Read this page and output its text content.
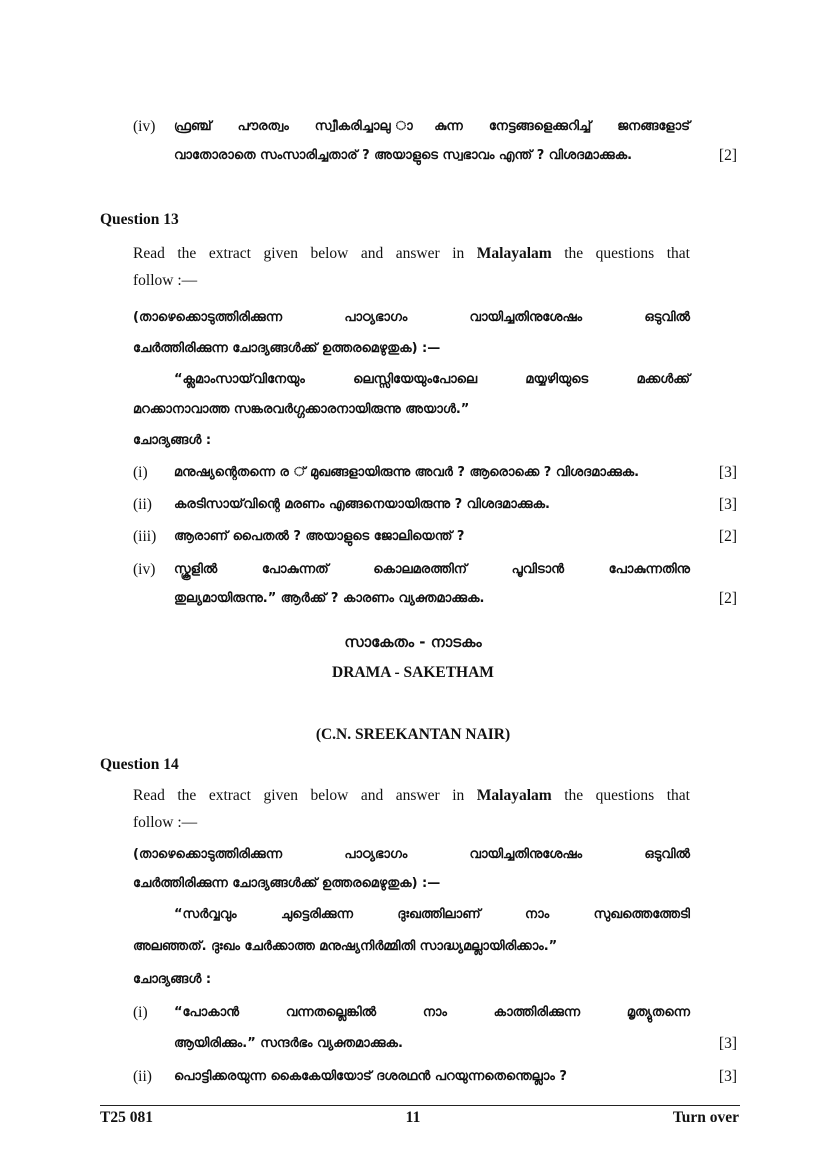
(iv) ഫ്രഞ്ച് പൗരത്വം സ്വീകരിച്ചാലു ാകുന്ന നേട്ടങ്ങളെക്കുറിച്ച് ജനങ്ങളോട്
വാതോരാതെ സംസാരിച്ചതാര് ? അയാളുടെ സ്വഭാവം എന്ത് ? വിശദമാക്കുക.	[2]
Question 13
Read the extract given below and answer in Malayalam the questions that
follow :—
(താഴെക്കൊടുത്തിരിക്കുന്ന പാഠ്യഭാഗം വായിച്ചതിനുശേഷം ഒടുവിൽ
ചേർത്തിരിക്കുന്ന ചോദ്യങ്ങൾക്ക് ഉത്തരമെഴുതുക) :—
“ക്ലമാംസായ്‌വിനേയും ലെസ്സിയേയുംപോലെ മയ്യഴിയുടെ മക്കൾക്ക്
മറക്കാനാവാത്ത സങ്കരവർഗ്ഗക്കാരനായിരുന്നു അയാൾ.”
ചോദ്യങ്ങൾ :
(i) മനുഷ്യന്റെതന്നെ ര ് മുഖങ്ങളായിരുന്നു അവർ ? ആരൊക്കെ ? വിശദമാക്കുക.	[3]
(ii) കരടിസായ്‌വിന്റെ മരണം എങ്ങനെയായിരുന്നു ? വിശദമാക്കുക.	[3]
(iii) ആരാണ് പൈതൽ ? അയാളുടെ ജോലിയെന്ത് ?	[2]
(iv) സ്കൂളിൽ പോകുന്നത് കൊലമരത്തിന് പൂവിടാൻ പോകുന്നതിനു
തുല്യമായിരുന്നു.” ആർക്ക് ? കാരണം വ്യക്തമാക്കുക.	[2]
സാകേതം - നാടകം
DRAMA - SAKETHAM
(C.N. SREEKANTAN NAIR)
Question 14
Read the extract given below and answer in Malayalam the questions that
follow :—
(താഴെക്കൊടുത്തിരിക്കുന്ന പാഠ്യഭാഗം വായിച്ചതിനുശേഷം ഒടുവിൽ
ചേർത്തിരിക്കുന്ന ചോദ്യങ്ങൾക്ക് ഉത്തരമെഴുതുക) :—
“സർവ്വവും ചുട്ടെരിക്കുന്ന ദുഃഖത്തിലാണ് നാം സുഖത്തെത്തേടി
അലഞ്ഞത്. ദുഃഖം ചേർക്കാത്ത മനുഷ്യനിർമ്മിതി സാദ്ധ്യമല്ലായിരിക്കാം.”
ചോദ്യങ്ങൾ :
(i) “പോകാൻ വന്നതല്ലെങ്കിൽ നാം കാത്തിരിക്കുന്ന മൃത്യുതന്നെ
ആയിരിക്കും.” സന്ദർഭം വ്യക്തമാക്കുക.	[3]
(ii) പൊട്ടിക്കരയുന്ന കൈകേയിയോട് ദശരഥൻ പറയുന്നതെന്തെല്ലാം ?	[3]
T25 081	11	Turn over
